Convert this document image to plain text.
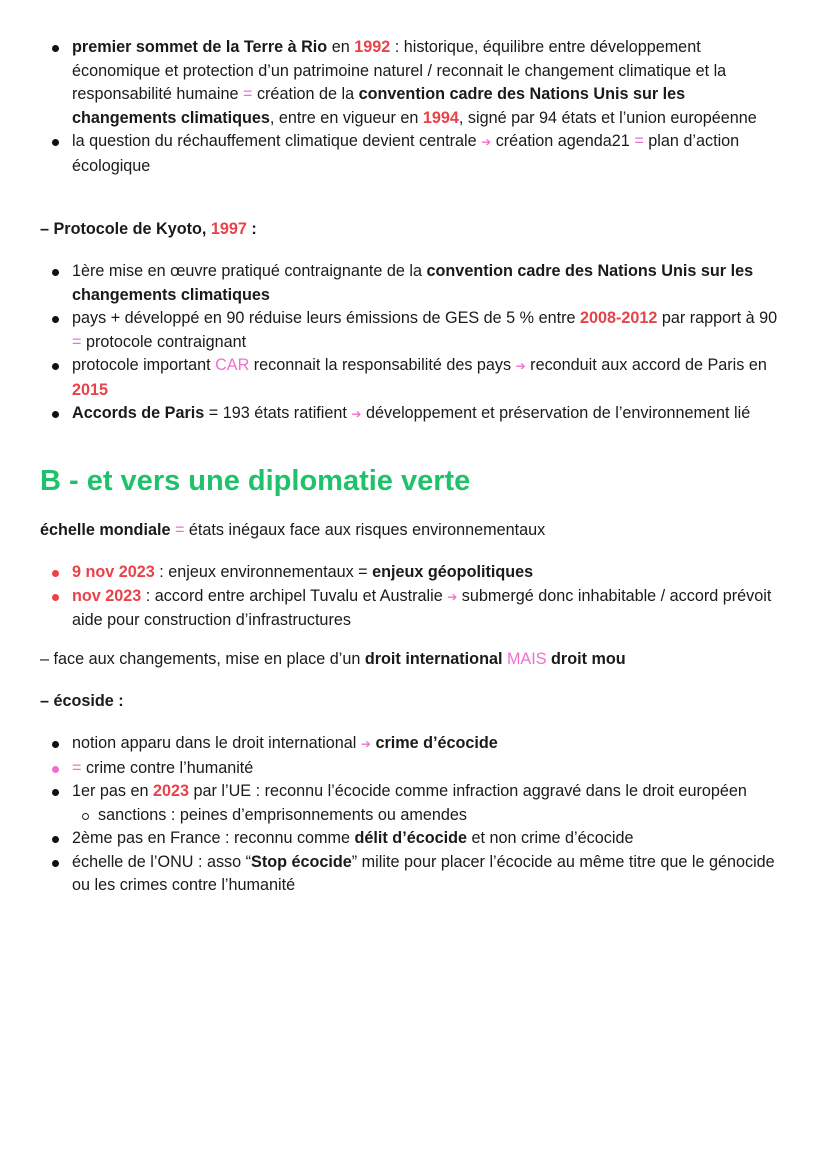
premier sommet de la Terre à Rio en 1992 : historique, équilibre entre développement économique et protection d’un patrimoine naturel / reconnait le changement climatique et la responsabilité humaine = création de la convention cadre des Nations Unis sur les changements climatiques, entre en vigueur en 1994, signé par 94 états et l’union européenne
la question du réchauffement climatique devient centrale ➔ création agenda21 = plan d’action écologique
– Protocole de Kyoto, 1997 :
1ère mise en œuvre pratiqué contraignante de la convention cadre des Nations Unis sur les changements climatiques
pays + développé en 90 réduise leurs émissions de GES de 5 % entre 2008-2012 par rapport à 90 = protocole contraignant
protocole important CAR reconnait la responsabilité des pays ➔ reconduit aux accord de Paris en 2015
Accords de Paris = 193 états ratifient ➔ développement et préservation de l’environnement lié
B - et vers une diplomatie verte
échelle mondiale = états inégaux face aux risques environnementaux
9 nov 2023 : enjeux environnementaux = enjeux géopolitiques
nov 2023 : accord entre archipel Tuvalu et Australie ➔ submergé donc inhabitable / accord prévoit aide pour construction d’infrastructures
– face aux changements, mise en place d’un droit international MAIS droit mou
– écoside :
notion apparu dans le droit international ➔ crime d’écocide
= crime contre l’humanité
1er pas en 2023 par l’UE : reconnu l’écocide comme infraction aggravé dans le droit européen
sanctions : peines d’emprisonnements ou amendes
2ème pas en France : reconnu comme délit d’écocide et non crime d’écocide
échelle de l’ONU : asso “Stop écocide” milite pour placer l’écocide au même titre que le génocide ou les crimes contre l’humanité
